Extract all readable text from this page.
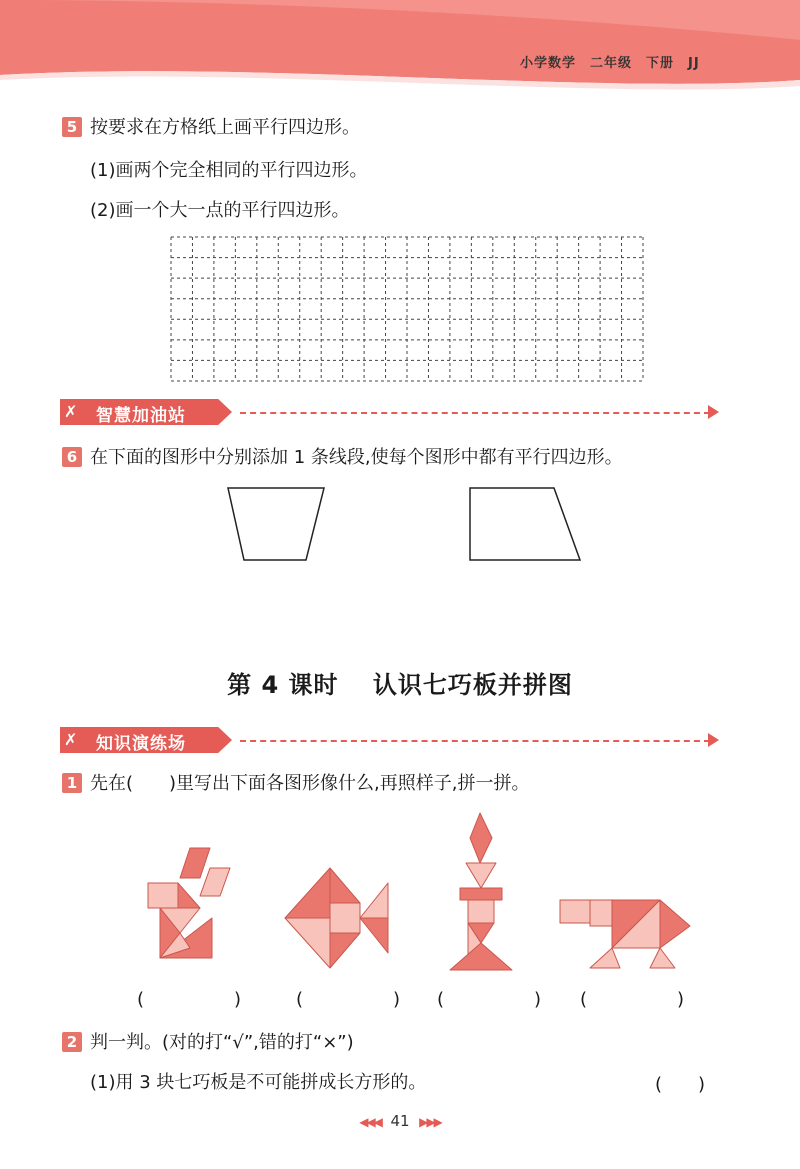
小学数学　二年级　下册　JJ
5 按要求在方格纸上画平行四边形。
(1)画两个完全相同的平行四边形。
(2)画一个大一点的平行四边形。
✗ 智慧加油站
6 在下面的图形中分别添加 1 条线段,使每个图形中都有平行四边形。
第 4 课时　 认识七巧板并拼图
✗ 知识演练场
1 先在(　　)里写出下面各图形像什么,再照样子,拼一拼。
(　　　　　)	(　　　　　) (　　　　　) (　　　　　)
2 判一判。(对的打“√”,错的打“×”)
(1)用 3 块七巧板是不可能拼成长方形的。	(　　)
◀◀◀ 41 ▶▶▶
